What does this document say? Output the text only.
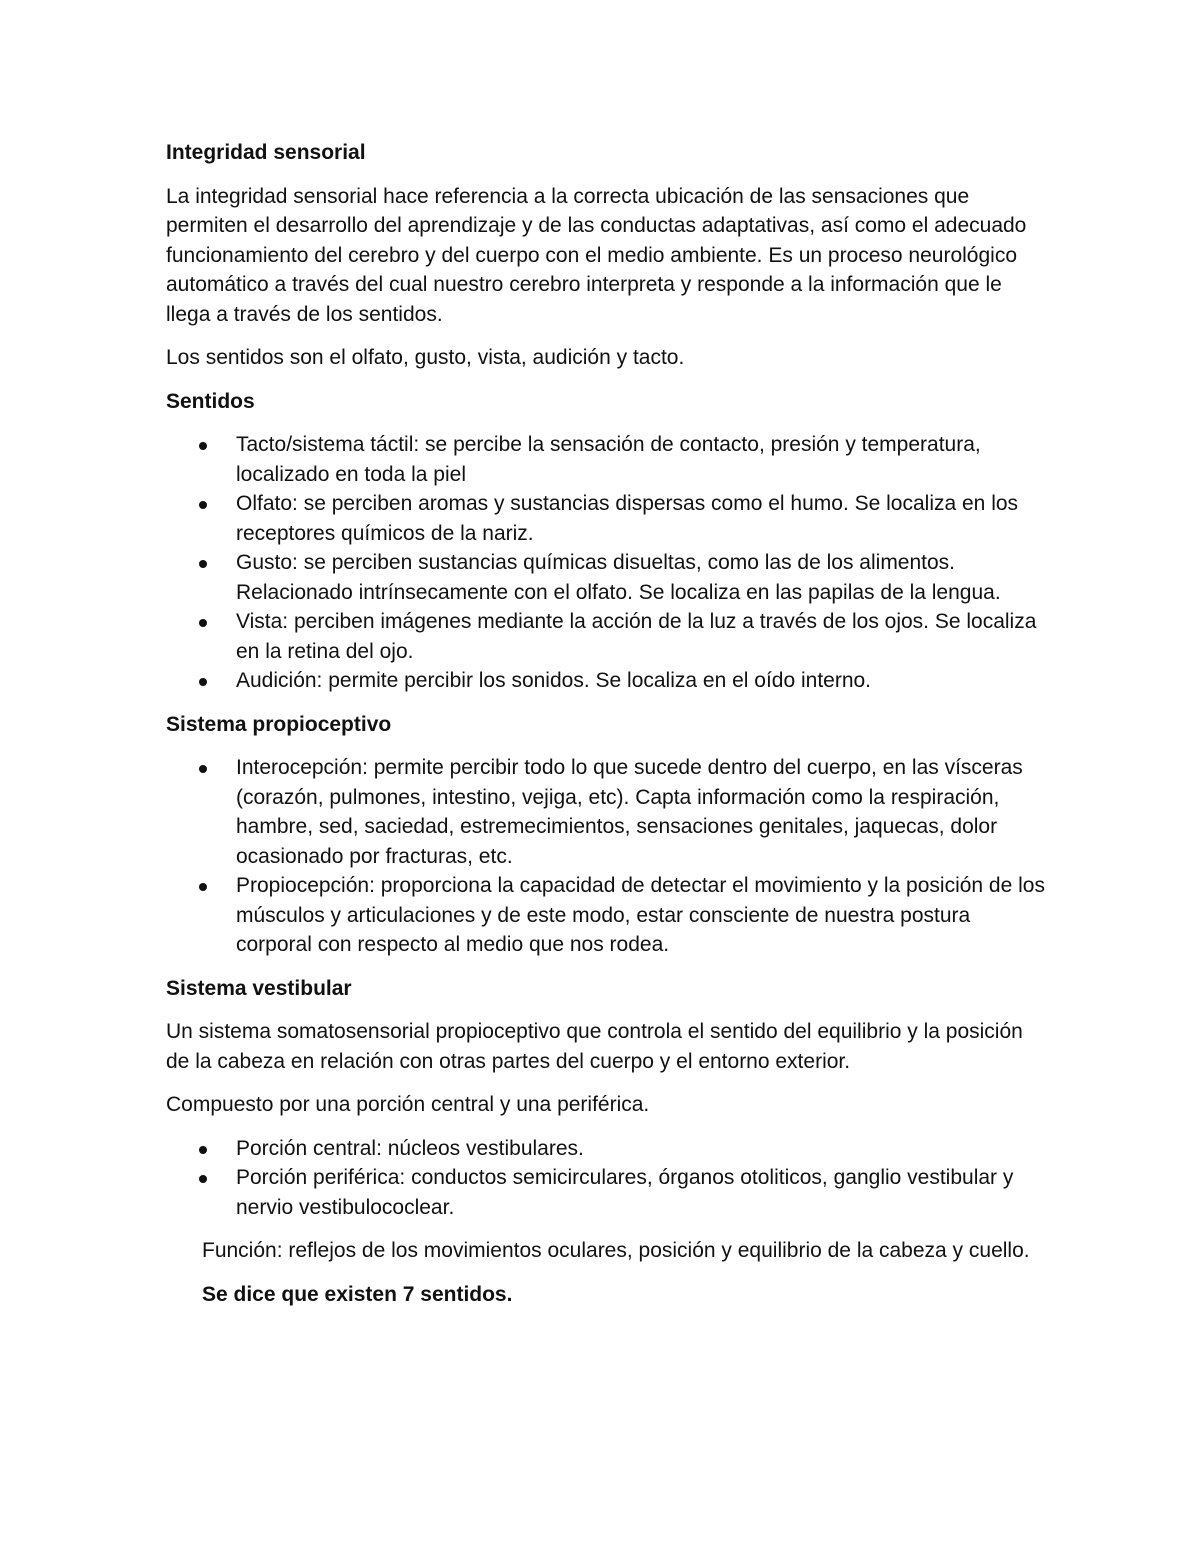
Integridad sensorial

La integridad sensorial hace referencia a la correcta ubicación de las sensaciones que permiten el desarrollo del aprendizaje y de las conductas adaptativas, así como el adecuado funcionamiento del cerebro y del cuerpo con el medio ambiente. Es un proceso neurológico automático a través del cual nuestro cerebro interpreta y responde a la información que le llega a través de los sentidos.

Los sentidos son el olfato, gusto, vista, audición y tacto.

Sentidos
Tacto/sistema táctil: se percibe la sensación de contacto, presión y temperatura, localizado en toda la piel
Olfato: se perciben aromas y sustancias dispersas como el humo. Se localiza en los receptores químicos de la nariz.
Gusto: se perciben sustancias químicas disueltas, como las de los alimentos. Relacionado intrínsecamente con el olfato. Se localiza en las papilas de la lengua.
Vista: perciben imágenes mediante la acción de la luz a través de los ojos. Se localiza en la retina del ojo.
Audición: permite percibir los sonidos. Se localiza en el oído interno.
Sistema propioceptivo
Interocepción: permite percibir todo lo que sucede dentro del cuerpo, en las vísceras (corazón, pulmones, intestino, vejiga, etc). Capta información como la respiración, hambre, sed, saciedad, estremecimientos, sensaciones genitales, jaquecas, dolor ocasionado por fracturas, etc.
Propiocepción: proporciona la capacidad de detectar el movimiento y la posición de los músculos y articulaciones y de este modo, estar consciente de nuestra postura corporal con respecto al medio que nos rodea.
Sistema vestibular

Un sistema somatosensorial propioceptivo que controla el sentido del equilibrio y la posición de la cabeza en relación con otras partes del cuerpo y el entorno exterior.

Compuesto por una porción central y una periférica.

Porción central: núcleos vestibulares.
Porción periférica: conductos semicirculares, órganos otoliticos, ganglio vestibular y nervio vestibulococlear.

Función: reflejos de los movimientos oculares, posición y equilibrio de la cabeza y cuello.

Se dice que existen 7 sentidos.
